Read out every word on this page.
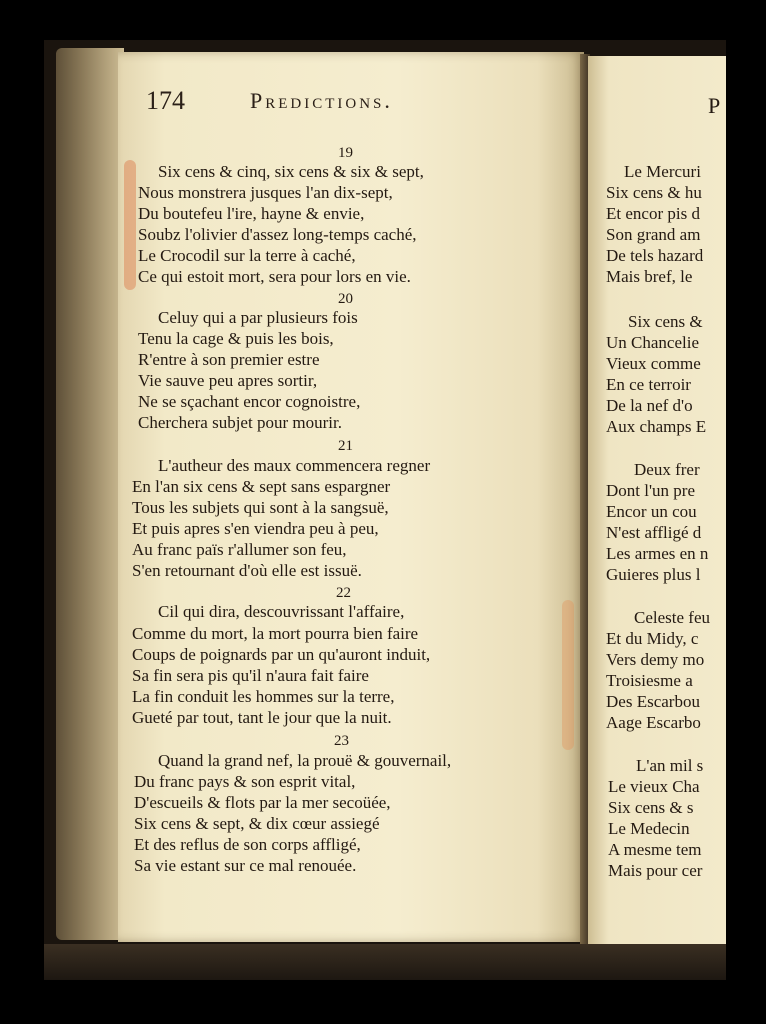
174	Predictions.
19
Six cens & cinq, six cens & six & sept,
Nous monstrera jusques l'an dix-sept,
Du boutefeu l'ire, hayne & envie,
Soubz l'olivier d'assez long-temps caché,
Le Crocodil sur la terre à caché,
Ce qui estoit mort, sera pour lors en vie.
20
Celuy qui a par plusieurs fois
Tenu la cage & puis les bois,
R'entre à son premier estre
Vie sauve peu apres sortir,
Ne se sçachant encor cognoistre,
Cherchera subjet pour mourir.
21
L'autheur des maux commencera regner
En l'an six cens & sept sans espargner
Tous les subjets qui sont à la sangsuë,
Et puis apres s'en viendra peu à peu,
Au franc païs r'allumer son feu,
S'en retournant d'où elle est issuë.
22
Cil qui dira, descouvrissant l'affaire,
Comme du mort, la mort pourra bien faire
Coups de poignards par un qu'auront induit,
Sa fin sera pis qu'il n'aura fait faire
La fin conduit les hommes sur la terre,
Gueté par tout, tant le jour que la nuit.
23
Quand la grand nef, la prouë & gouvernail,
Du franc pays & son esprit vital,
D'escueils & flots par la mer secoüée,
Six cens & sept, & dix cœur assiegé
Et des reflus de son corps affligé,
Sa vie estant sur ce mal renouée.
P
Le Mercuri
Six cens & hu
Et encor pis d
Son grand am
De tels hazard
Mais bref, le
Six cens &
Un Chancelie
Vieux comme
En ce terroir
De la nef d'o
Aux champs E
Deux frer
Dont l'un pre
Encor un cou
N'est affligé d
Les armes en n
Guieres plus l
Celeste feu
Et du Midy, c
Vers demy mo
Troisiesme a
Des Escarbou
Aage Escarbo
L'an mil s
Le vieux Cha
Six cens & s
Le Medecin
A mesme tem
Mais pour cer
